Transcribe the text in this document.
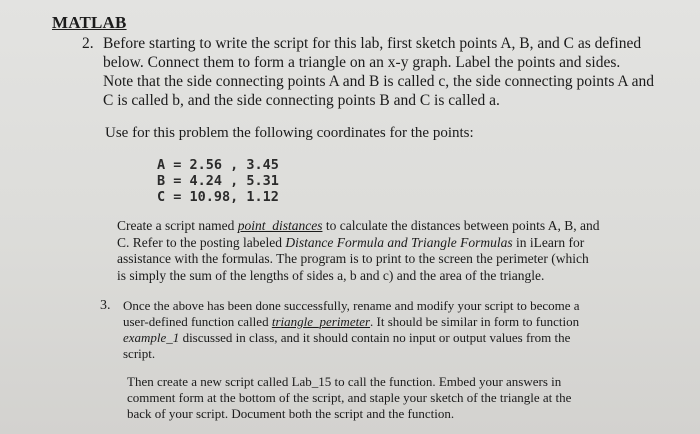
MATLAB
2. Before starting to write the script for this lab, first sketch points A, B, and C as defined
below. Connect them to form a triangle on an x-y graph. Label the points and sides.
Note that the side connecting points A and B is called c, the side connecting points A and
C is called b, and the side connecting points B and C is called a.
Use for this problem the following coordinates for the points:
A = 2.56 , 3.45
B = 4.24 , 5.31
C = 10.98, 1.12
Create a script named point_distances to calculate the distances between points A, B, and
C. Refer to the posting labeled Distance Formula and Triangle Formulas in iLearn for
assistance with the formulas. The program is to print to the screen the perimeter (which
is simply the sum of the lengths of sides a, b and c) and the area of the triangle.
3. Once the above has been done successfully, rename and modify your script to become a
user-defined function called triangle_perimeter. It should be similar in form to function
example_1 discussed in class, and it should contain no input or output values from the
script.
Then create a new script called Lab_15 to call the function. Embed your answers in
comment form at the bottom of the script, and staple your sketch of the triangle at the
back of your script. Document both the script and the function.
